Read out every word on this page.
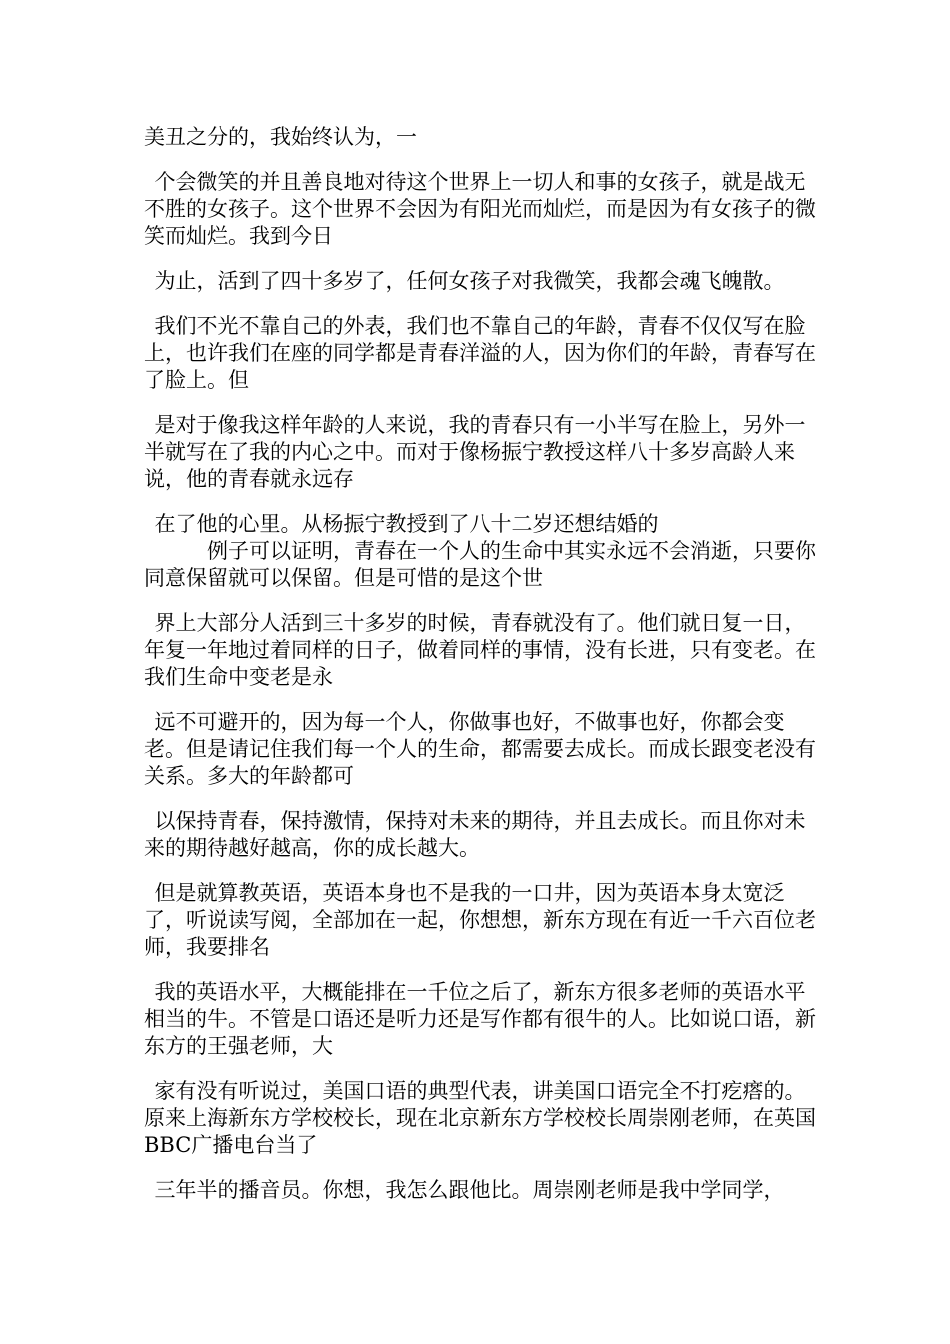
美丑之分的，我始终认为，一

个会微笑的并且善良地对待这个世界上一切人和事的女孩子，就是战无不胜的女孩子。这个世界不会因为有阳光而灿烂，而是因为有女孩子的微笑而灿烂。我到今日

为止，活到了四十多岁了，任何女孩子对我微笑，我都会魂飞魄散。

我们不光不靠自己的外表，我们也不靠自己的年龄，青春不仅仅写在脸上，也许我们在座的同学都是青春洋溢的人，因为你们的年龄，青春写在了脸上。但

是对于像我这样年龄的人来说，我的青春只有一小半写在脸上，另外一半就写在了我的内心之中。而对于像杨振宁教授这样八十多岁高龄人来说，他的青春就永远存

在了他的心里。从杨振宁教授到了八十二岁还想结婚的

例子可以证明，青春在一个人的生命中其实永远不会消逝，只要你同意保留就可以保留。但是可惜的是这个世

界上大部分人活到三十多岁的时候，青春就没有了。他们就日复一日，年复一年地过着同样的日子，做着同样的事情，没有长进，只有变老。在我们生命中变老是永

远不可避开的，因为每一个人，你做事也好，不做事也好，你都会变老。但是请记住我们每一个人的生命，都需要去成长。而成长跟变老没有关系。多大的年龄都可

以保持青春，保持激情，保持对未来的期待，并且去成长。而且你对未来的期待越好越高，你的成长越大。

但是就算教英语，英语本身也不是我的一口井，因为英语本身太宽泛了，听说读写阅，全部加在一起，你想想，新东方现在有近一千六百位老师，我要排名

我的英语水平，大概能排在一千位之后了，新东方很多老师的英语水平相当的牛。不管是口语还是听力还是写作都有很牛的人。比如说口语，新东方的王强老师，大

家有没有听说过，美国口语的典型代表，讲美国口语完全不打疙瘩的。原来上海新东方学校校长，现在北京新东方学校校长周崇刚老师，在英国BBC广播电台当了

三年半的播音员。你想，我怎么跟他比。周崇刚老师是我中学同学，
